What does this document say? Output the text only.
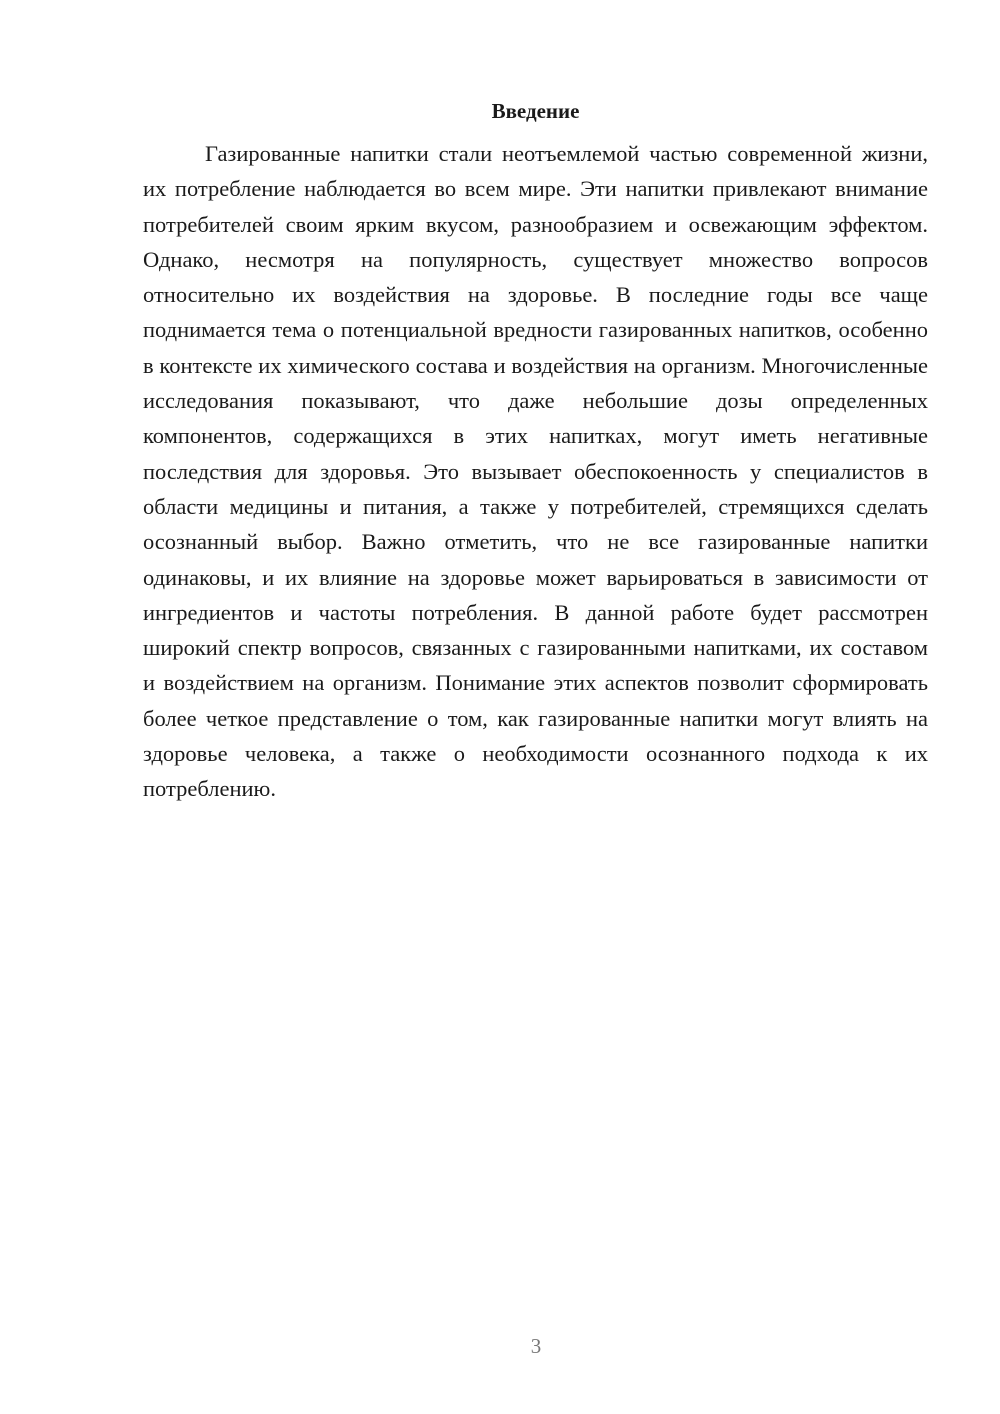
Введение

Газированные напитки стали неотъемлемой частью современной жизни, их потребление наблюдается во всем мире. Эти напитки привлекают внимание потребителей своим ярким вкусом, разнообразием и освежающим эффектом. Однако, несмотря на популярность, существует множество вопросов относительно их воздействия на здоровье. В последние годы все чаще поднимается тема о потенциальной вредности газированных напитков, особенно в контексте их химического состава и воздействия на организм. Многочисленные исследования показывают, что даже небольшие дозы определенных компонентов, содержащихся в этих напитках, могут иметь негативные последствия для здоровья. Это вызывает обеспокоенность у специалистов в области медицины и питания, а также у потребителей, стремящихся сделать осознанный выбор. Важно отметить, что не все газированные напитки одинаковы, и их влияние на здоровье может варьироваться в зависимости от ингредиентов и частоты потребления. В данной работе будет рассмотрен широкий спектр вопросов, связанных с газированными напитками, их составом и воздействием на организм. Понимание этих аспектов позволит сформировать более четкое представление о том, как газированные напитки могут влиять на здоровье человека, а также о необходимости осознанного подхода к их потреблению.

3
